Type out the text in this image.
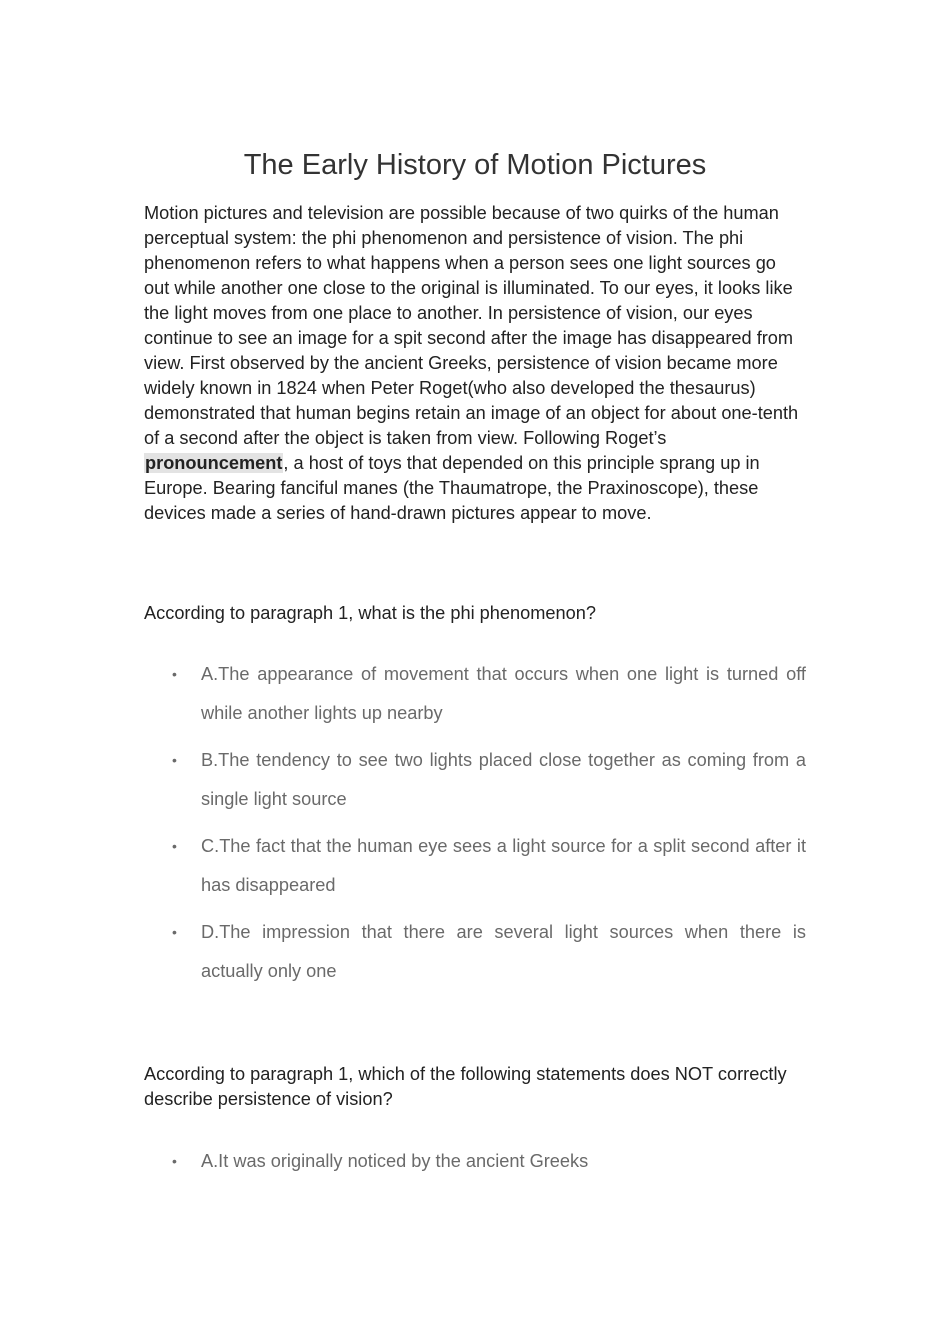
The Early History of Motion Pictures

Motion pictures and television are possible because of two quirks of the human perceptual system: the phi phenomenon and persistence of vision. The phi phenomenon refers to what happens when a person sees one light sources go out while another one close to the original is illuminated. To our eyes, it looks like the light moves from one place to another. In persistence of vision, our eyes continue to see an image for a spit second after the image has disappeared from view. First observed by the ancient Greeks, persistence of vision became more widely known in 1824 when Peter Roget(who also developed the thesaurus) demonstrated that human begins retain an image of an object for about one-tenth of a second after the object is taken from view. Following Roget’s pronouncement, a host of toys that depended on this principle sprang up in Europe. Bearing fanciful manes (the Thaumatrope, the Praxinoscope), these devices made a series of hand-drawn pictures appear to move.

According to paragraph 1, what is the phi phenomenon?

• A.The appearance of movement that occurs when one light is turned off while another lights up nearby
• B.The tendency to see two lights placed close together as coming from a single light source
• C.The fact that the human eye sees a light source for a split second after it has disappeared
• D.The impression that there are several light sources when there is actually only one

According to paragraph 1, which of the following statements does NOT correctly describe persistence of vision?

• A.It was originally noticed by the ancient Greeks
